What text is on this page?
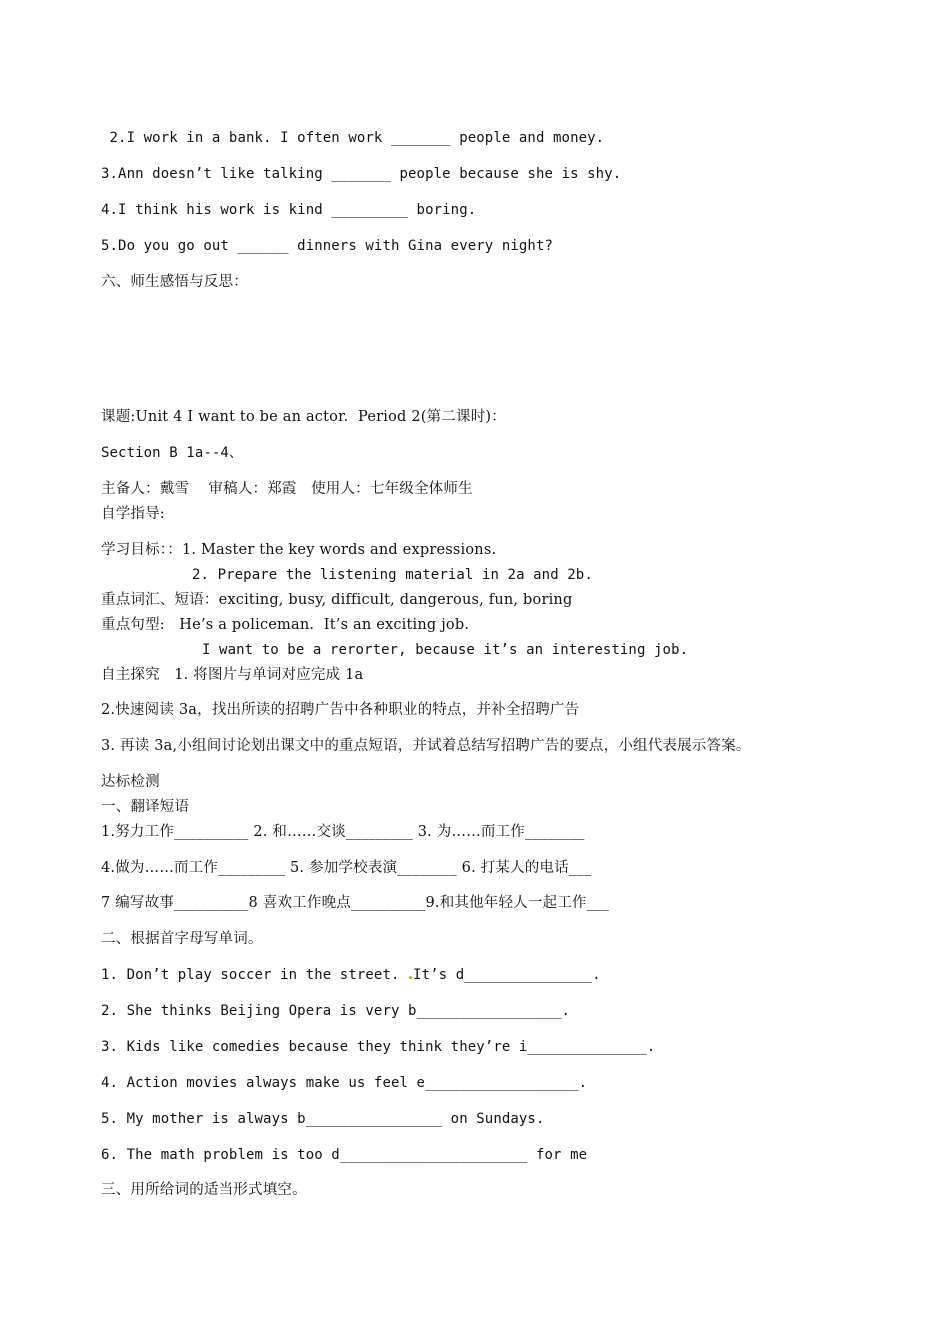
2.I work in a bank. I often work _______ people and money.
3.Ann doesn’t like talking _______ people because she is shy.
4.I think his work is kind _________ boring.
5.Do you go out ______ dinners with Gina every night?
六、师生感悟与反思：
课题:Unit 4 I want to be an actor.  Period 2(第二课时)：
Section B 1a--4、
主备人：戴雪    审稿人：郑霞   使用人：七年级全体师生
自学指导:
学习目标：：1. Master the key words and expressions.
2. Prepare the listening material in 2a and 2b.
重点词汇、短语：exciting, busy, difficult, dangerous, fun, boring
重点句型:   He’s a policeman.  It’s an exciting job.
I want to be a rerorter, because it’s an interesting job.
自主探究   1. 将图片与单词对应完成 1a
2.快速阅读 3a，找出所读的招聘广告中各种职业的特点，并补全招聘广告
3. 再读 3a,小组间讨论划出课文中的重点短语，并试着总结写招聘广告的要点，小组代表展示答案。
达标检测
一、翻译短语
1.努力工作__________ 2. 和……交谈_________ 3. 为……而工作________
4.做为……而工作_________ 5. 参加学校表演________ 6. 打某人的电话___
7 编写故事__________8 喜欢工作晚点__________9.和其他年轻人一起工作___
二、根据首字母写单词。
1. Don’t play soccer in the street. It’s d_______________.
2. She thinks Beijing Opera is very b_________________.
3. Kids like comedies because they think they’re i______________.
4. Action movies always make us feel e__________________.
5. My mother is always b________________ on Sundays.
6. The math problem is too d______________________ for me
三、用所给词的适当形式填空。
